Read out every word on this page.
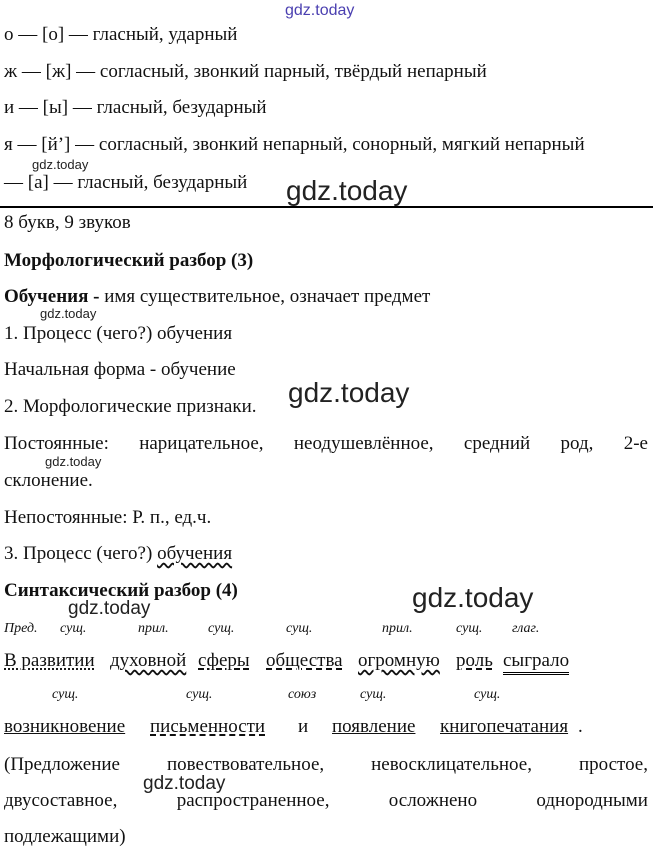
gdz.today
о — [о] — гласный, ударный
ж — [ж] — согласный, звонкий парный, твёрдый непарный
и — [ы] — гласный, безударный
я — [й’] — согласный, звонкий непарный, сонорный, мягкий непарный
gdz.today
— [а] — гласный, безударный gdz.today
8 букв, 9 звуков
Морфологический разбор (3)
Обучения - имя существительное, означает предмет
gdz.today
1. Процесс (чего?) обучения
Начальная форма - обучение
gdz.today
2. Морфологические признаки.
Постоянные: нарицательное, неодушевлённое, средний род, 2-е
gdz.today
склонение.
Непостоянные: Р. п., ед.ч.
3. Процесс (чего?) обучения
Синтаксический разбор (4)	gdz.today
gdz.today
Пред. сущ.	прил.	сущ.	сущ.	прил.	сущ. глаг.
В развитии духовной сферы общества огромную роль сыграло
сущ.	сущ.	союз	сущ.	сущ.
возникновение письменности и появление книгопечатания .
(Предложение повествовательное, невосклицательное, простое,
gdz.today
двусоставное,	распространенное,	осложнено	однородными
подлежащими)
